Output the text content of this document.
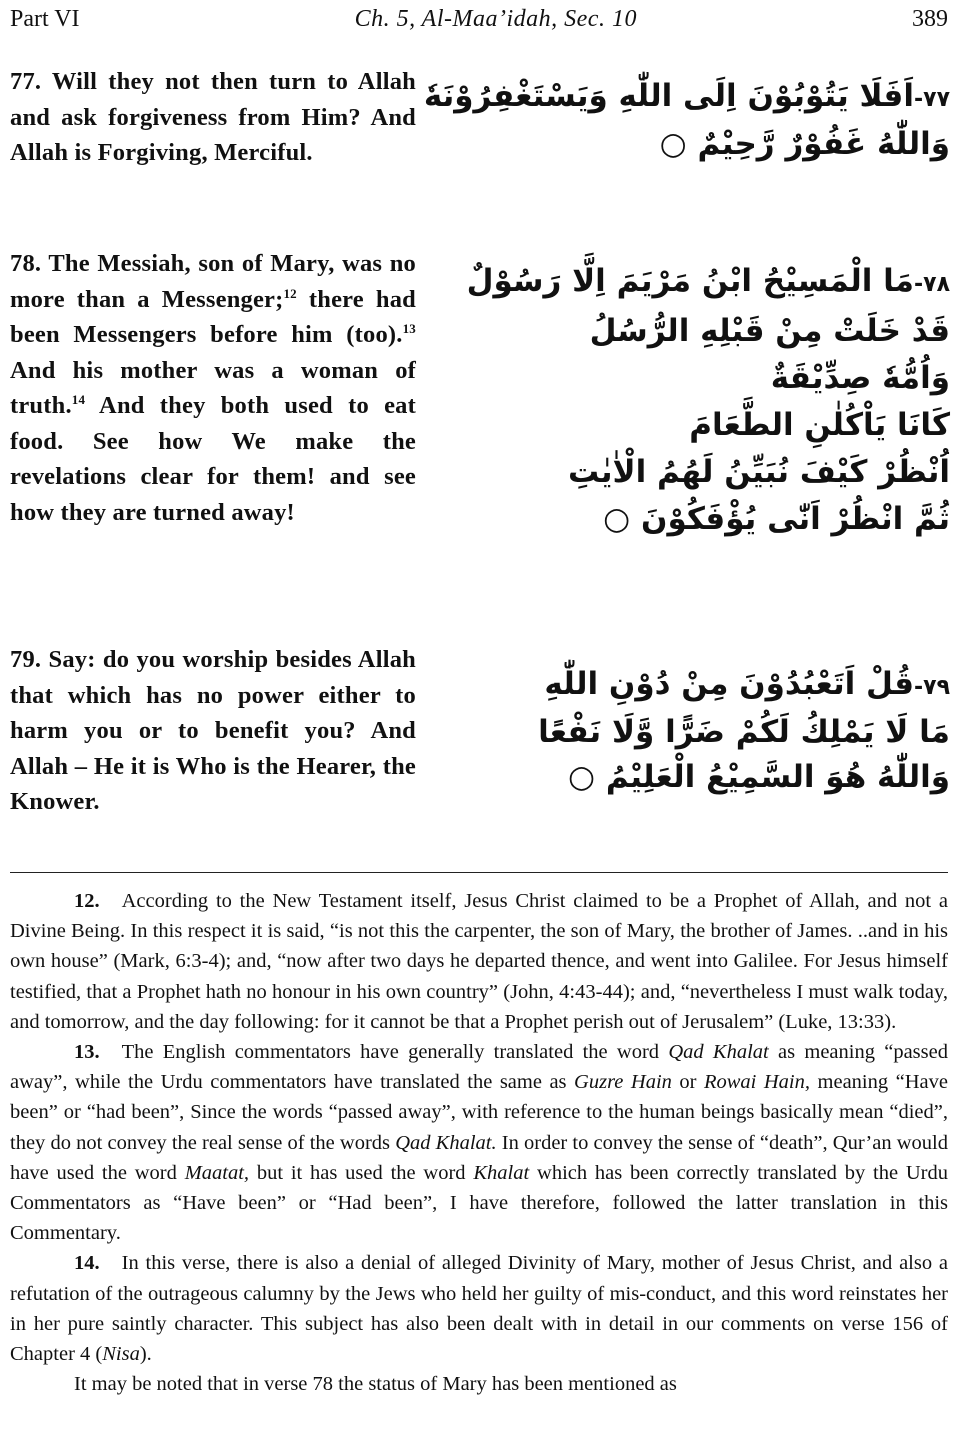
Part VI	Ch. 5, Al-Maa’idah, Sec. 10	389
77. Will they not then turn to Allah and ask forgiveness from Him? And Allah is Forgiving, Merciful.
۷۷-اَفَلَا يَتُوْبُوْنَ اِلَى اللّٰهِ وَيَسْتَغْفِرُوْنَهٗ
وَاللّٰهُ غَفُوْرٌ رَّحِيْمٌ ○
78. The Messiah, son of Mary, was no more than a Messenger;$^{12}$ there had been Messengers before him (too).$^{13}$ And his mother was a woman of truth.$^{14}$ And they both used to eat food. See how We make the revelations clear for them! and see how they are turned away!
۷۸-مَا الْمَسِيْحُ ابْنُ مَرْيَمَ اِلَّا رَسُوْلٌ
قَدْ خَلَتْ مِنْ قَبْلِهِ الرُّسُلُ
وَاُمُّهٗ صِدِّيْقَةٌ
كَانَا يَاْكُلٰنِ الطَّعَامَ
اُنْظُرْ كَيْفَ نُبَيِّنُ لَهُمُ الْاٰيٰتِ
ثُمَّ انْظُرْ اَنّٰى يُؤْفَكُوْنَ ○
79. Say: do you worship besides Allah that which has no power either to harm you or to benefit you? And Allah – He it is Who is the Hearer, the Knower.
۷۹-قُلْ اَتَعْبُدُوْنَ مِنْ دُوْنِ اللّٰهِ
مَا لَا يَمْلِكُ لَكُمْ ضَرًّا وَّلَا نَفْعًا
وَاللّٰهُ هُوَ السَّمِيْعُ الْعَلِيْمُ ○

12. According to the New Testament itself, Jesus Christ claimed to be a Prophet of Allah, and not a Divine Being. In this respect it is said, “is not this the carpenter, the son of Mary, the brother of James. ..and in his own house” (Mark, 6:3-4); and, “now after two days he departed thence, and went into Galilee. For Jesus himself testified, that a Prophet hath no honour in his own country” (John, 4:43-44); and, “nevertheless I must walk today, and tomorrow, and the day following: for it cannot be that a Prophet perish out of Jerusalem” (Luke, 13:33).

13. The English commentators have generally translated the word Qad Khalat as meaning “passed away”, while the Urdu commentators have translated the same as Guzre Hain or Rowai Hain, meaning “Have been” or “had been”, Since the words “passed away”, with reference to the human beings basically mean “died”, they do not convey the real sense of the words Qad Khalat. In order to convey the sense of “death”, Qur’an would have used the word Maatat, but it has used the word Khalat which has been correctly translated by the Urdu Commentators as “Have been” or “Had been”, I have therefore, followed the latter translation in this Commentary.

14. In this verse, there is also a denial of alleged Divinity of Mary, mother of Jesus Christ, and also a refutation of the outrageous calumny by the Jews who held her guilty of mis-conduct, and this word reinstates her in her pure saintly character. This subject has also been dealt with in detail in our comments on verse 156 of Chapter 4 (Nisa).

It may be noted that in verse 78 the status of Mary has been mentioned as
